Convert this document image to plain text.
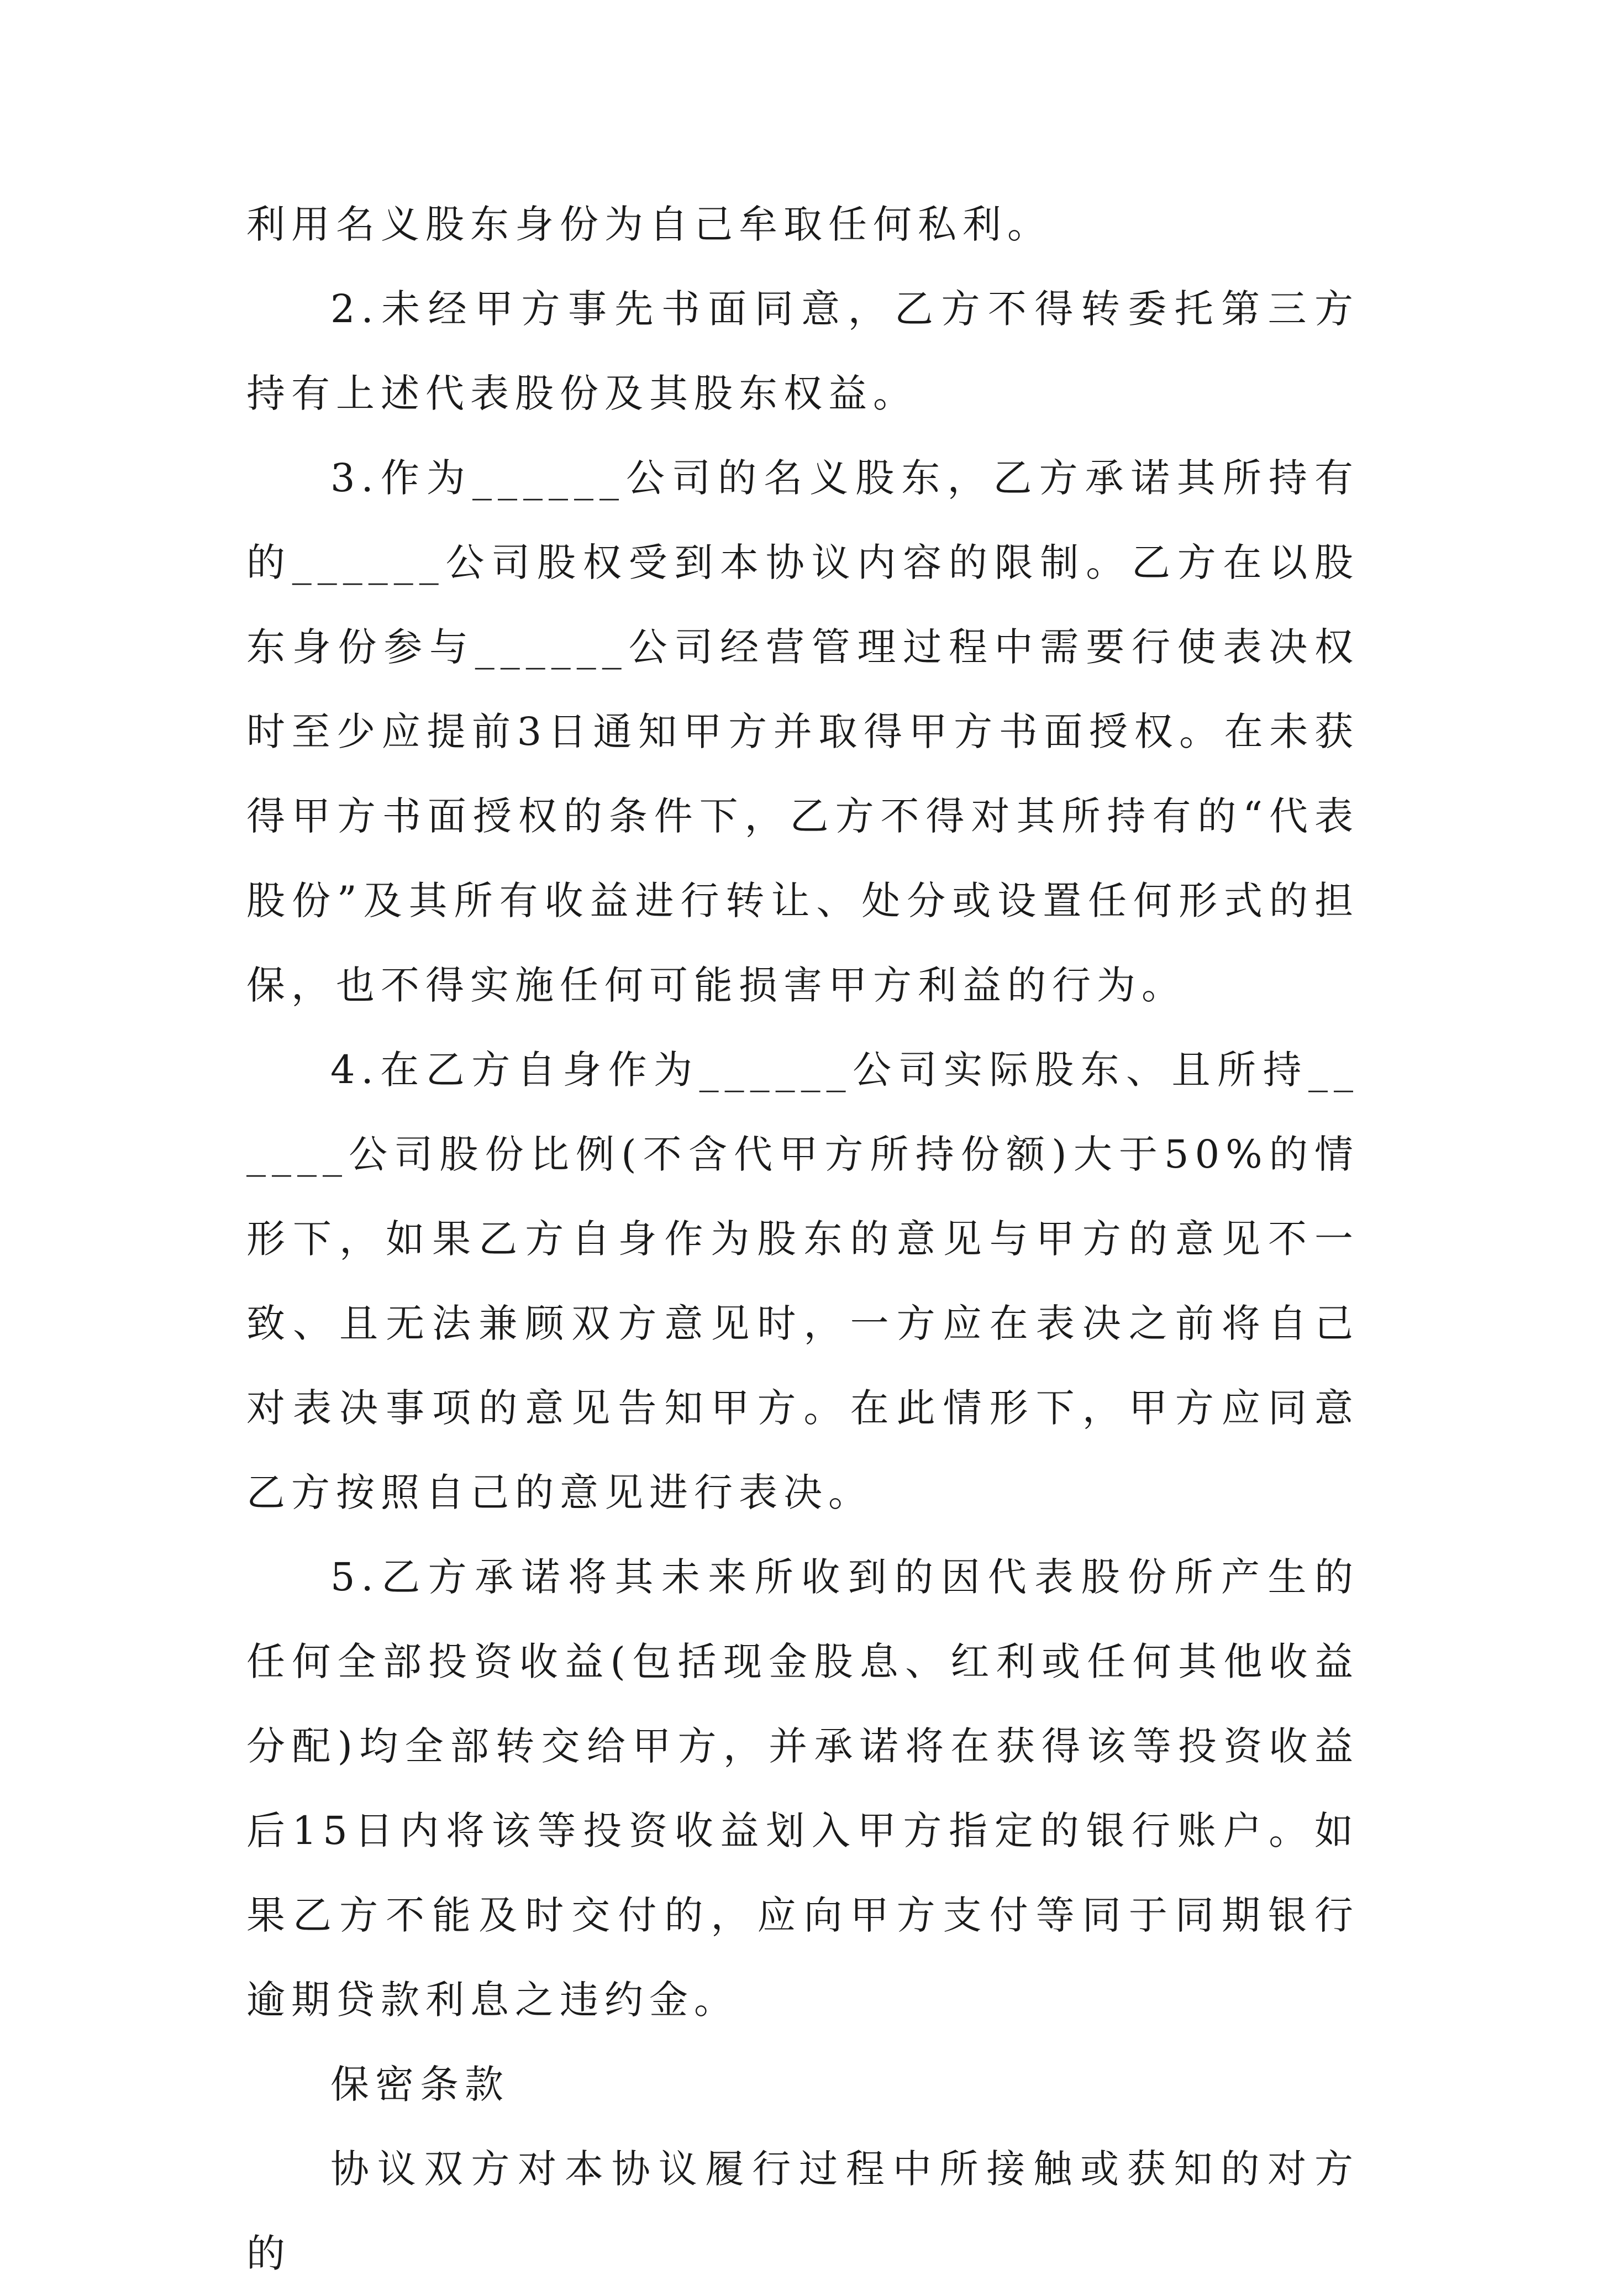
利用名义股东身份为自己牟取任何私利。

2.未经甲方事先书面同意，乙方不得转委托第三方持有上述代表股份及其股东权益。

3.作为______公司的名义股东，乙方承诺其所持有的______公司股权受到本协议内容的限制。乙方在以股东身份参与______公司经营管理过程中需要行使表决权时至少应提前3日通知甲方并取得甲方书面授权。在未获得甲方书面授权的条件下，乙方不得对其所持有的“代表股份”及其所有收益进行转让、处分或设置任何形式的担保，也不得实施任何可能损害甲方利益的行为。

4.在乙方自身作为______公司实际股东、且所持______公司股份比例(不含代甲方所持份额)大于50%的情形下，如果乙方自身作为股东的意见与甲方的意见不一致、且无法兼顾双方意见时，一方应在表决之前将自己对表决事项的意见告知甲方。在此情形下，甲方应同意乙方按照自己的意见进行表决。

5.乙方承诺将其未来所收到的因代表股份所产生的任何全部投资收益(包括现金股息、红利或任何其他收益分配)均全部转交给甲方，并承诺将在获得该等投资收益后15日内将该等投资收益划入甲方指定的银行账户。如果乙方不能及时交付的，应向甲方支付等同于同期银行逾期贷款利息之违约金。

保密条款

协议双方对本协议履行过程中所接触或获知的对方的
